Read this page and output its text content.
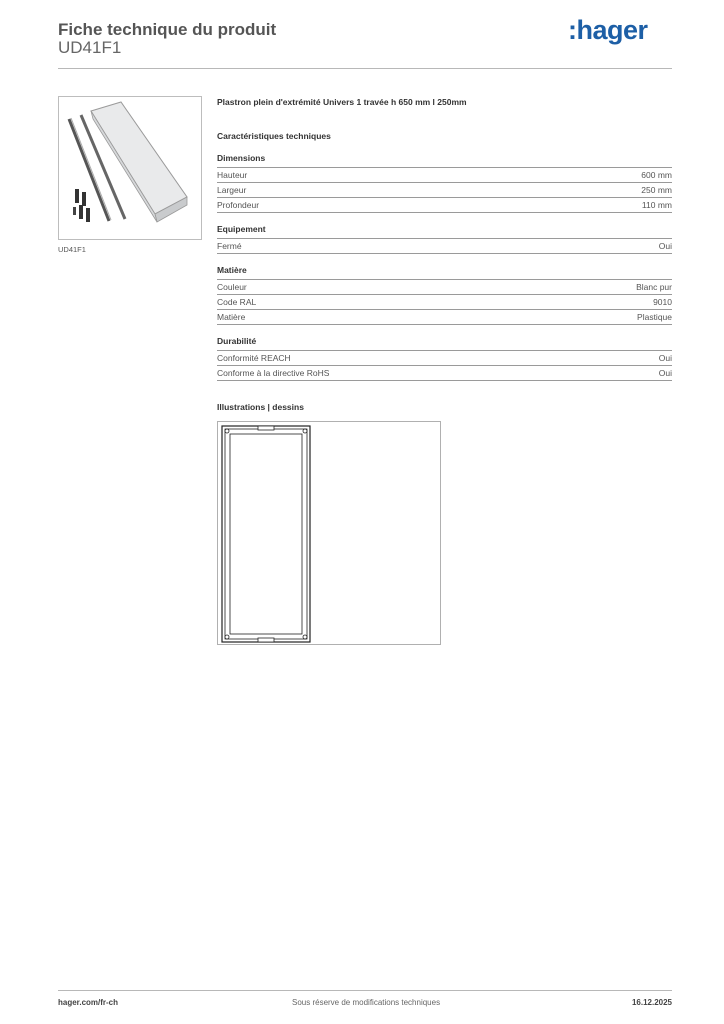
Fiche technique du produit
UD41F1
:hager
UD41F1
Plastron plein d'extrémité Univers 1 travée h 650 mm l 250mm
Caractéristiques techniques
Dimensions
Hauteur	600 mm
Largeur	250 mm
Profondeur	110 mm
Equipement
Fermé	Oui
Matière
Couleur	Blanc pur
Code RAL	9010
Matière	Plastique
Durabilité
Conformité REACH	Oui
Conforme à la directive RoHS	Oui
Illustrations | dessins
hager.com/fr-ch	Sous réserve de modifications techniques	16.12.2025
